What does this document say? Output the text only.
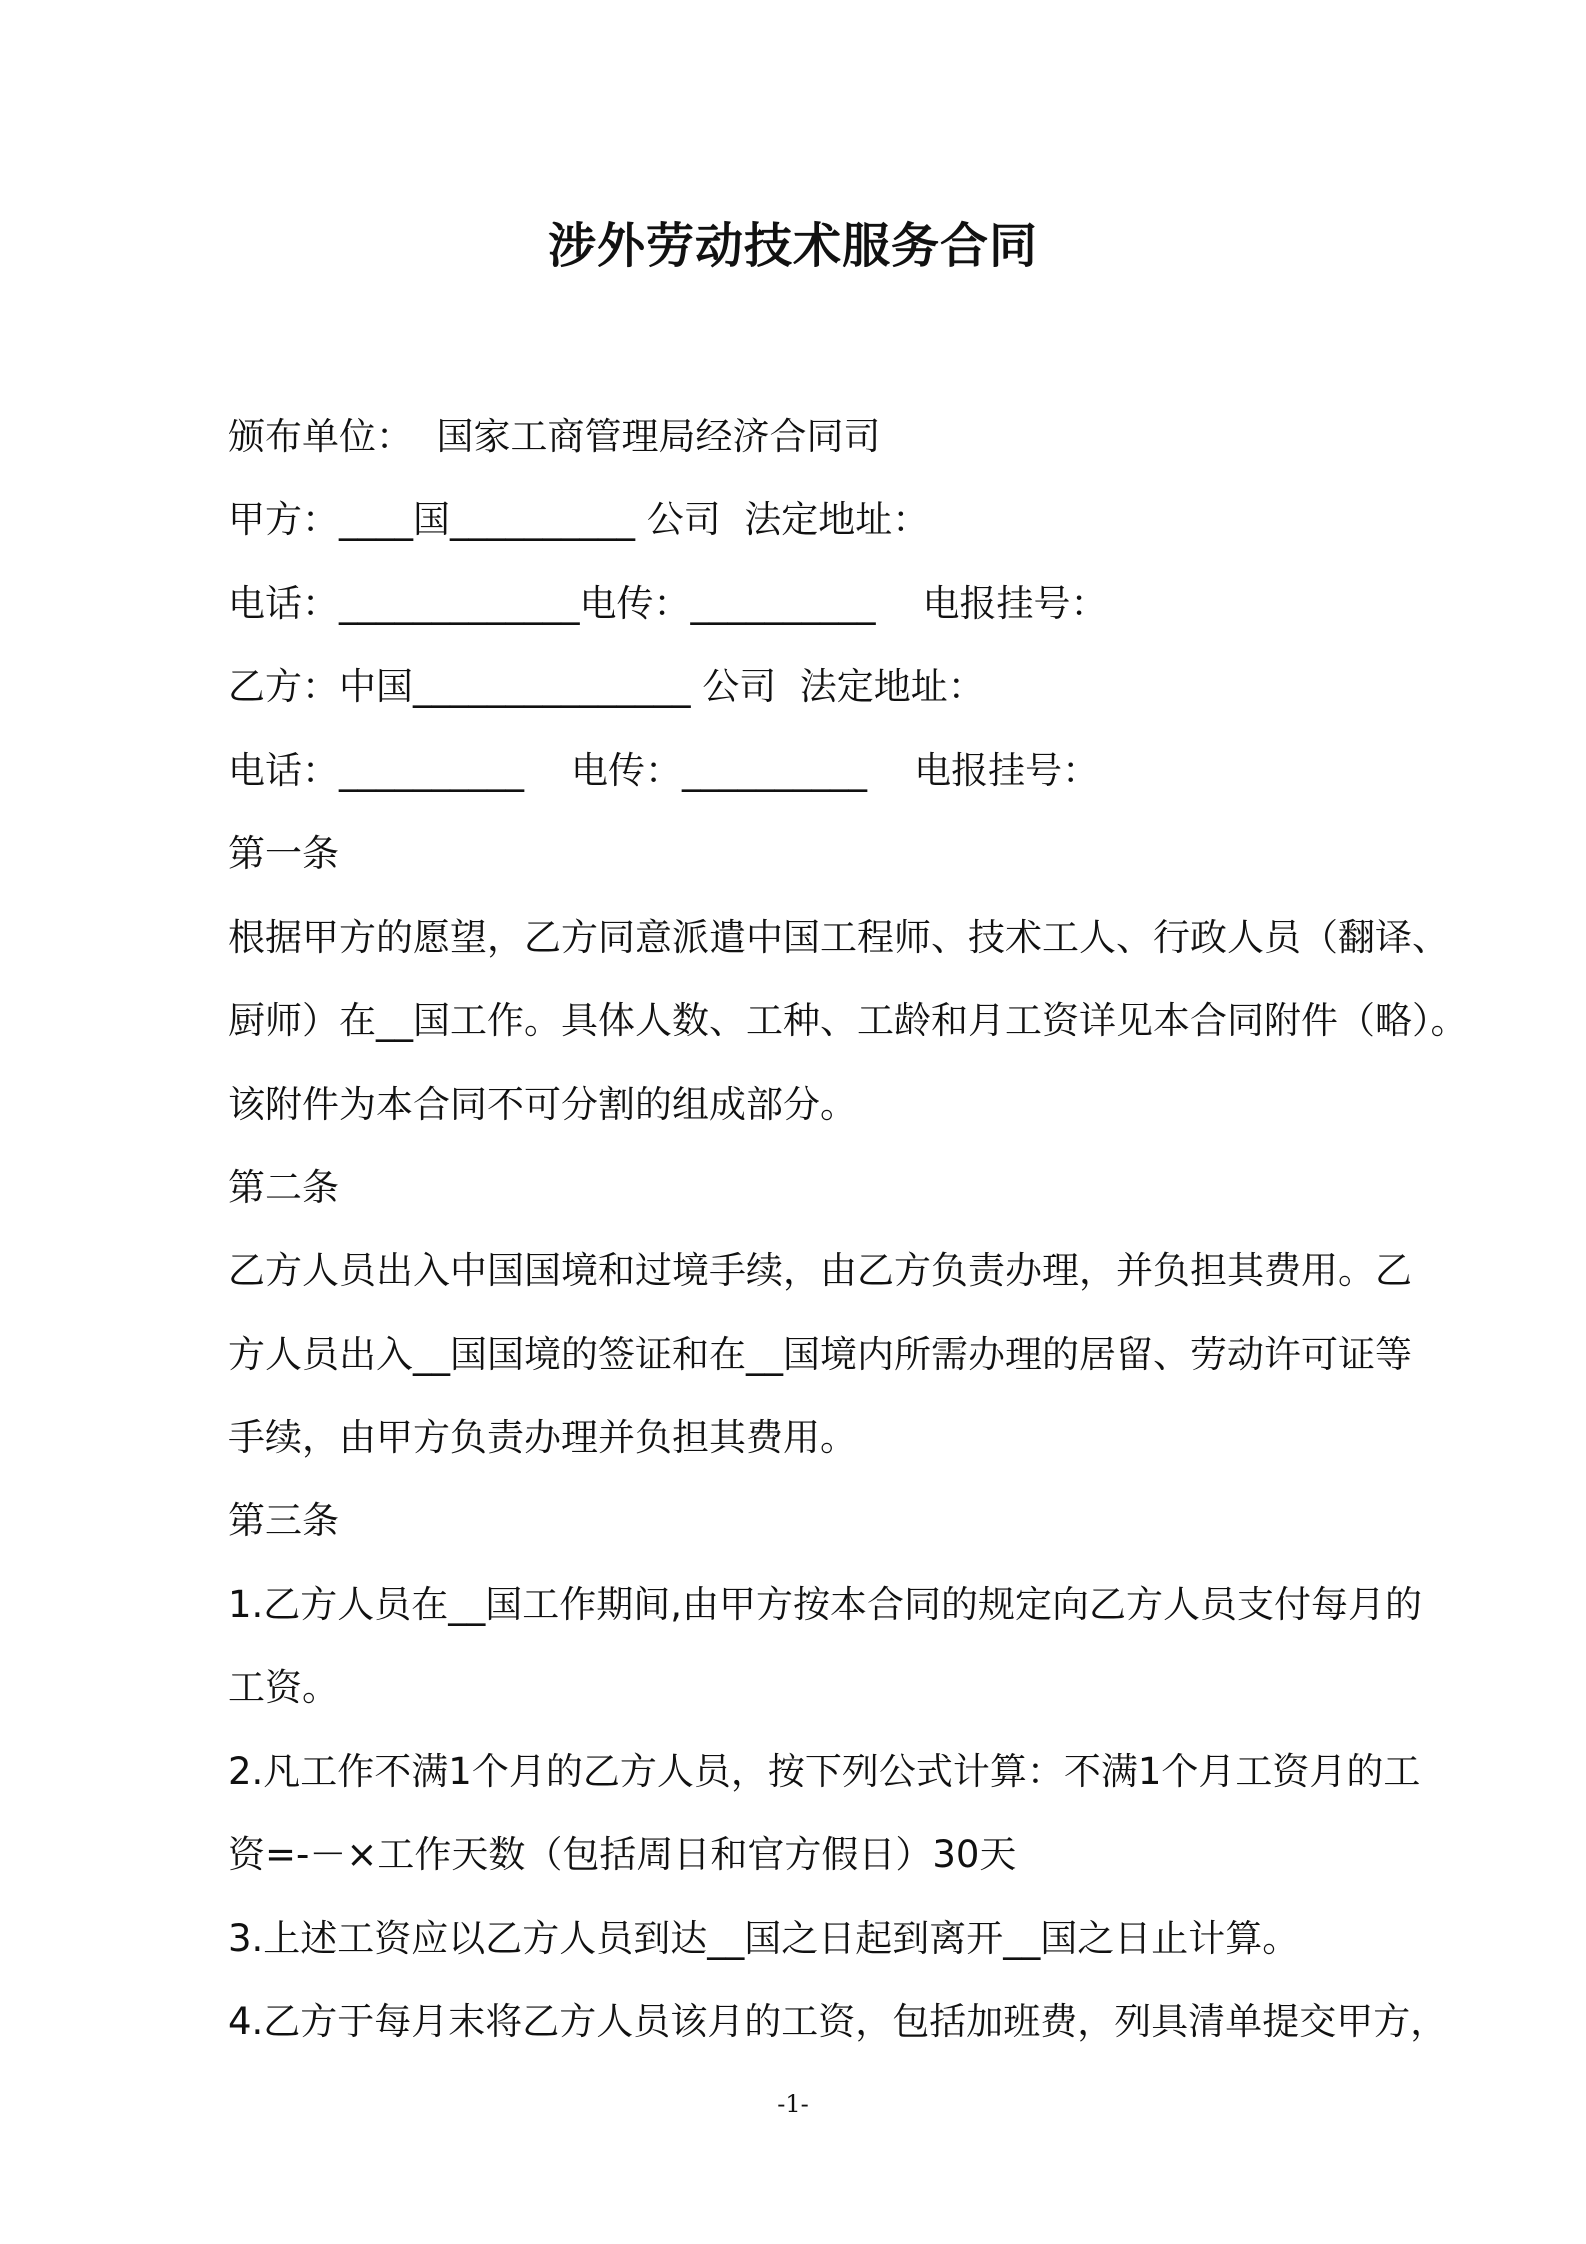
涉外劳动技术服务合同
颁布单位：  国家工商管理局经济合同司
甲方：____国__________ 公司  法定地址：
电话：_____________电传：__________    电报挂号：
乙方：中国_______________ 公司  法定地址：
电话：__________    电传：__________    电报挂号：
第一条
根据甲方的愿望，乙方同意派遣中国工程师、技术工人、行政人员（翻译、
厨师）在__国工作。具体人数、工种、工龄和月工资详见本合同附件（略）。
该附件为本合同不可分割的组成部分。
第二条
乙方人员出入中国国境和过境手续，由乙方负责办理，并负担其费用。乙
方人员出入__国国境的签证和在__国境内所需办理的居留、劳动许可证等
手续，由甲方负责办理并负担其费用。
第三条
1.乙方人员在__国工作期间,由甲方按本合同的规定向乙方人员支付每月的
工资。
2.凡工作不满1个月的乙方人员，按下列公式计算：不满1个月工资月的工
资=-－×工作天数（包括周日和官方假日）30天
3.上述工资应以乙方人员到达__国之日起到离开__国之日止计算。
4.乙方于每月末将乙方人员该月的工资，包括加班费，列具清单提交甲方，
-1-
